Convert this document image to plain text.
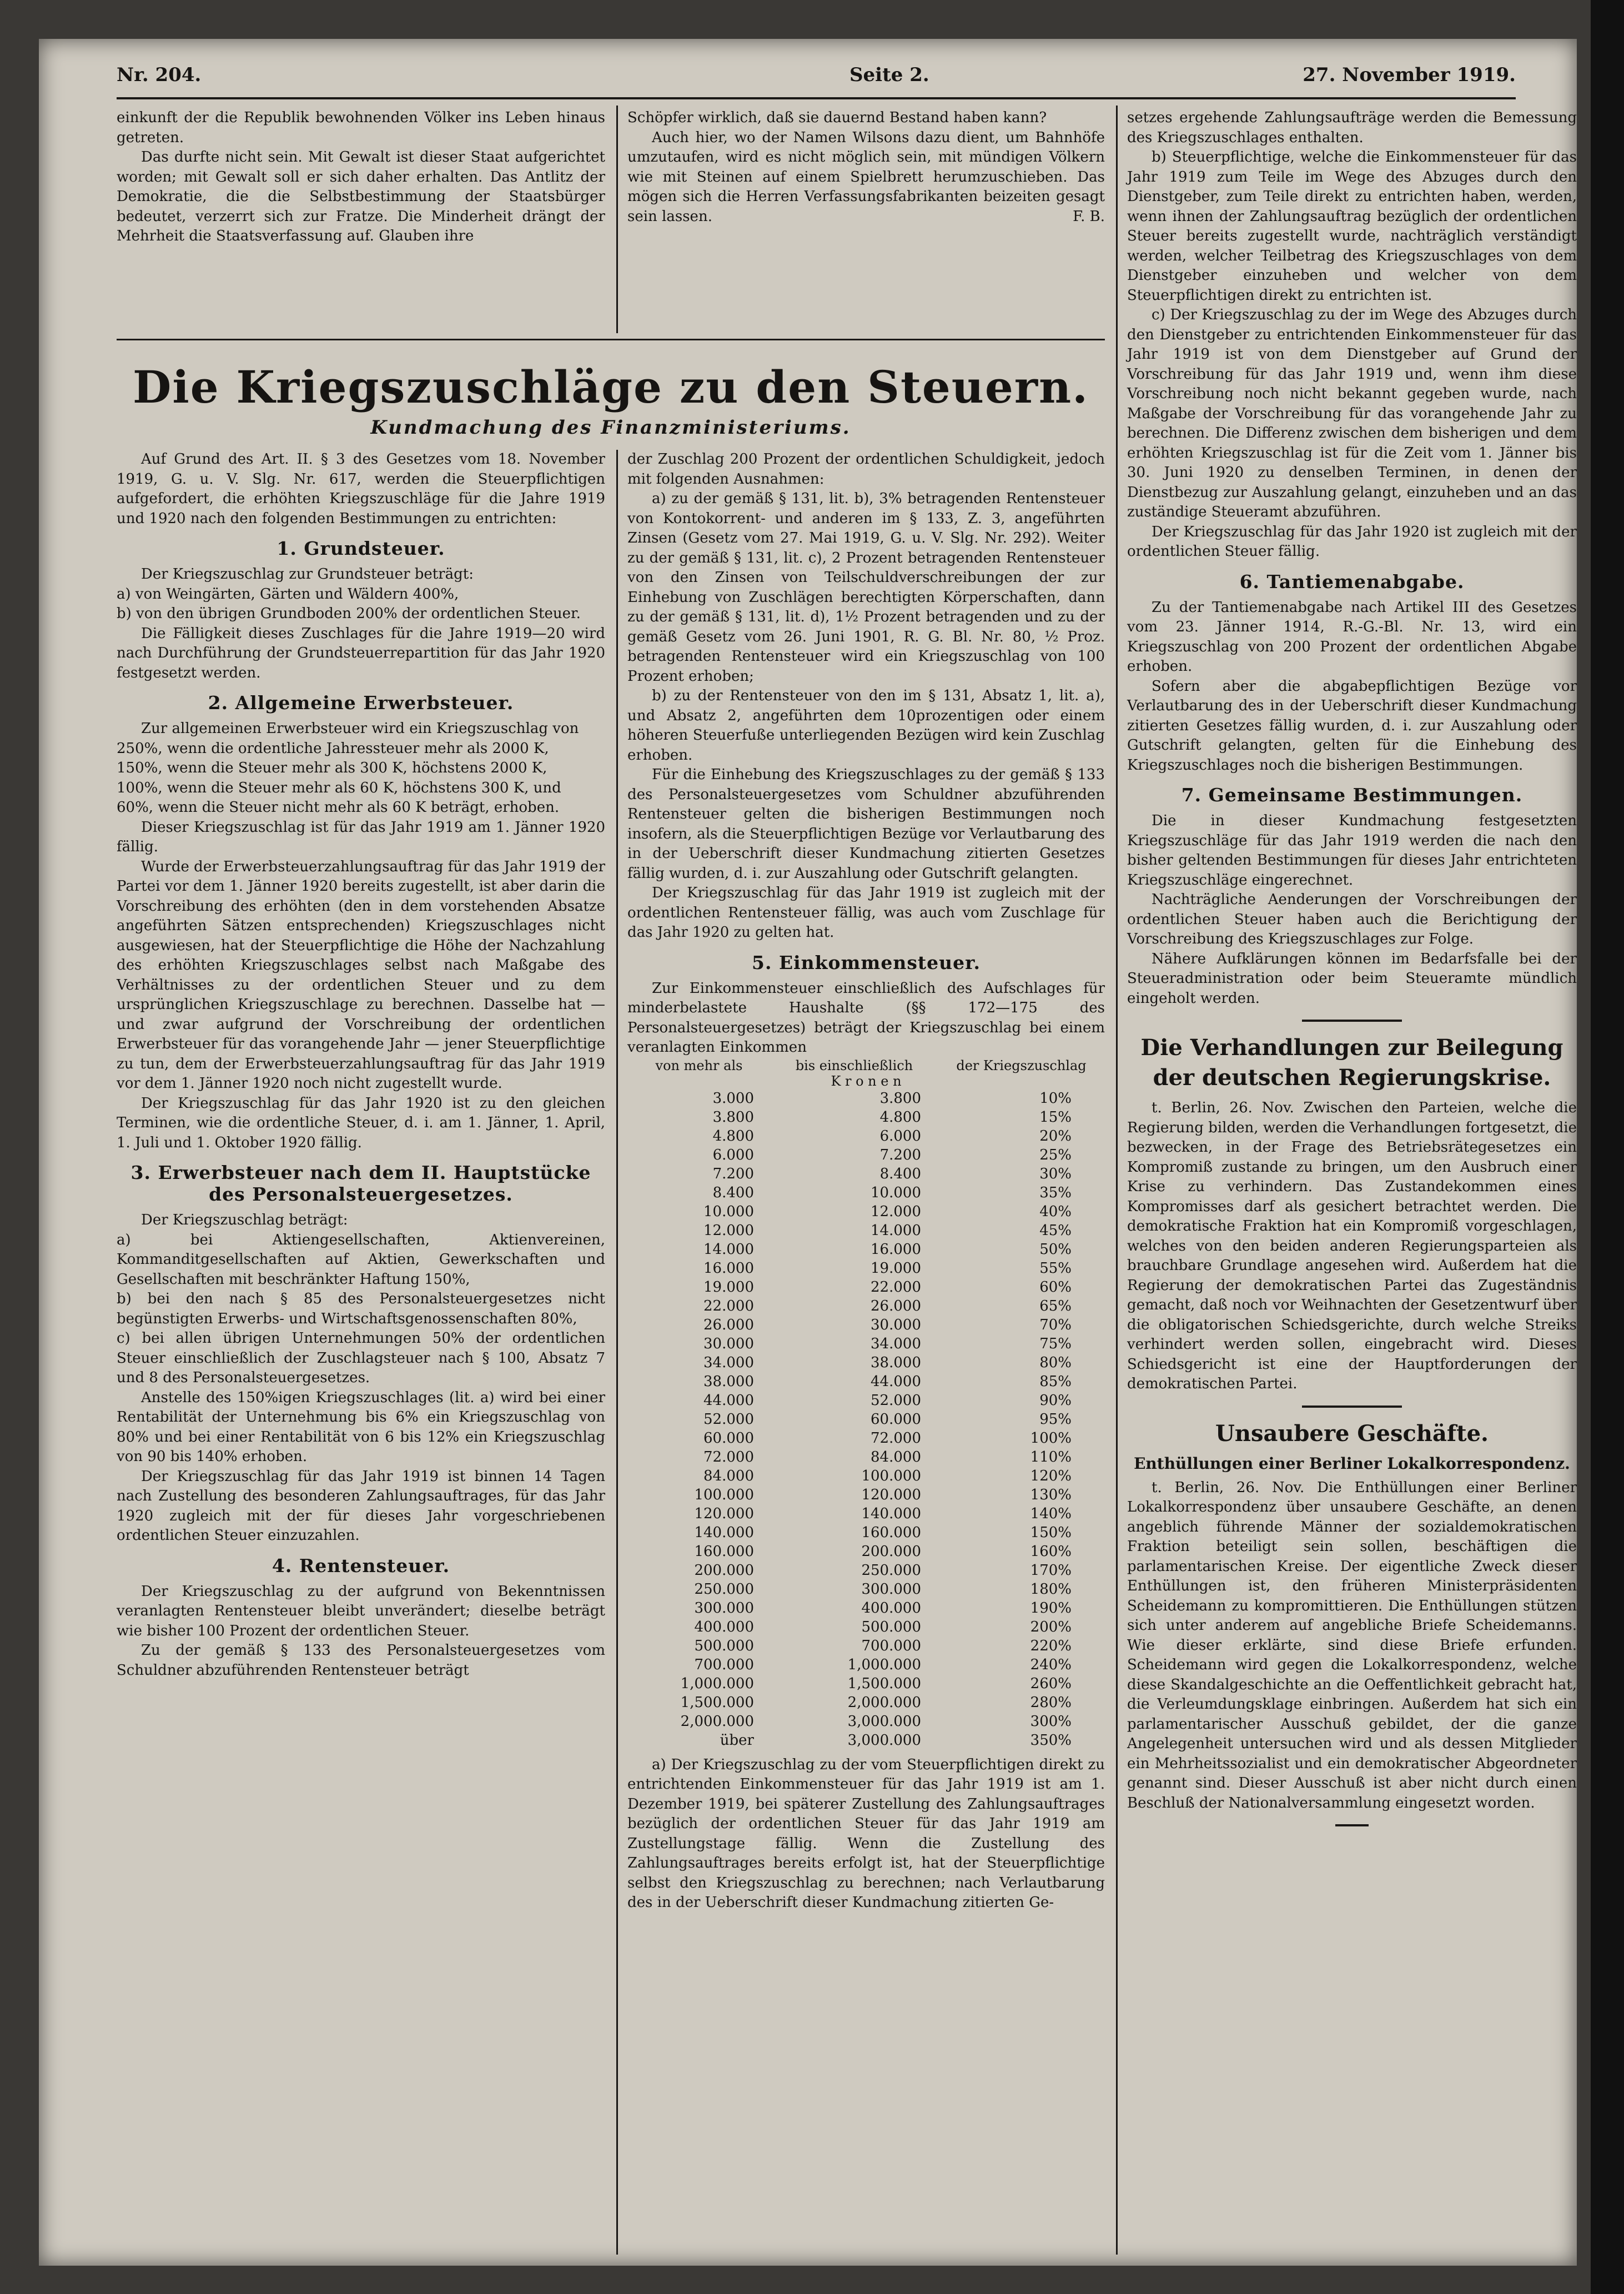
Nr. 204.	Seite 2.	27. November 1919.

einkunft der die Republik bewohnenden Völker ins Leben hinaus getreten.

Das durfte nicht sein. Mit Gewalt ist dieser Staat aufgerichtet worden; mit Gewalt soll er sich daher erhalten. Das Antlitz der Demokratie, die die Selbstbestimmung der Staatsbürger bedeutet, verzerrt sich zur Fratze. Die Minderheit drängt der Mehrheit die Staatsverfassung auf. Glauben ihre

Schöpfer wirklich, daß sie dauernd Bestand haben kann?

Auch hier, wo der Namen Wilsons dazu dient, um Bahnhöfe umzutaufen, wird es nicht möglich sein, mit mündigen Völkern wie mit Steinen auf einem Spielbrett herumzuschieben. Das mögen sich die Herren Verfassungsfabrikanten beizeiten gesagt sein lassen.	F. B.

Die Kriegszuschläge zu den Steuern.
Kundmachung des Finanzministeriums.

Auf Grund des Art. II. § 3 des Gesetzes vom 18. November 1919, G. u. V. Slg. Nr. 617, werden die Steuerpflichtigen aufgefordert, die erhöhten Kriegszuschläge für die Jahre 1919 und 1920 nach den folgenden Bestimmungen zu entrichten:

1. Grundsteuer.

Der Kriegszuschlag zur Grundsteuer beträgt:

a) von Weingärten, Gärten und Wäldern 400%,

b) von den übrigen Grundboden 200% der ordentlichen Steuer.

Die Fälligkeit dieses Zuschlages für die Jahre 1919—20 wird nach Durchführung der Grundsteuerrepartition für das Jahr 1920 festgesetzt werden.

2. Allgemeine Erwerbsteuer.

Zur allgemeinen Erwerbsteuer wird ein Kriegszuschlag von

250%, wenn die ordentliche Jahressteuer mehr als 2000 K,

150%, wenn die Steuer mehr als 300 K, höchstens 2000 K,

100%, wenn die Steuer mehr als 60 K, höchstens 300 K, und

60%, wenn die Steuer nicht mehr als 60 K beträgt, erhoben.

Dieser Kriegszuschlag ist für das Jahr 1919 am 1. Jänner 1920 fällig.

Wurde der Erwerbsteuerzahlungsauftrag für das Jahr 1919 der Partei vor dem 1. Jänner 1920 bereits zugestellt, ist aber darin die Vorschreibung des erhöhten (den in dem vorstehenden Absatze angeführten Sätzen entsprechenden) Kriegszuschlages nicht ausgewiesen, hat der Steuerpflichtige die Höhe der Nachzahlung des erhöhten Kriegszuschlages selbst nach Maßgabe des Verhältnisses zu der ordentlichen Steuer und zu dem ursprünglichen Kriegszuschlage zu berechnen. Dasselbe hat — und zwar aufgrund der Vorschreibung der ordentlichen Erwerbsteuer für das vorangehende Jahr — jener Steuerpflichtige zu tun, dem der Erwerbsteuerzahlungsauftrag für das Jahr 1919 vor dem 1. Jänner 1920 noch nicht zugestellt wurde.

Der Kriegszuschlag für das Jahr 1920 ist zu den gleichen Terminen, wie die ordentliche Steuer, d. i. am 1. Jänner, 1. April, 1. Juli und 1. Oktober 1920 fällig.

3. Erwerbsteuer nach dem II. Hauptstücke des Personalsteuergesetzes.

Der Kriegszuschlag beträgt:

a) bei Aktiengesellschaften, Aktienvereinen, Kommanditgesellschaften auf Aktien, Gewerkschaften und Gesellschaften mit beschränkter Haftung 150%,

b) bei den nach § 85 des Personalsteuergesetzes nicht begünstigten Erwerbs- und Wirtschaftsgenossenschaften 80%,

c) bei allen übrigen Unternehmungen 50% der ordentlichen Steuer einschließlich der Zuschlagsteuer nach § 100, Absatz 7 und 8 des Personalsteuergesetzes.

Anstelle des 150%igen Kriegszuschlages (lit. a) wird bei einer Rentabilität der Unternehmung bis 6% ein Kriegszuschlag von 80% und bei einer Rentabilität von 6 bis 12% ein Kriegszuschlag von 90 bis 140% erhoben.

Der Kriegszuschlag für das Jahr 1919 ist binnen 14 Tagen nach Zustellung des besonderen Zahlungsauftrages, für das Jahr 1920 zugleich mit der für dieses Jahr vorgeschriebenen ordentlichen Steuer einzuzahlen.

4. Rentensteuer.

Der Kriegszuschlag zu der aufgrund von Bekenntnissen veranlagten Rentensteuer bleibt unverändert; dieselbe beträgt wie bisher 100 Prozent der ordentlichen Steuer.

Zu der gemäß § 133 des Personalsteuergesetzes vom Schuldner abzuführenden Rentensteuer beträgt

der Zuschlag 200 Prozent der ordentlichen Schuldigkeit, jedoch mit folgenden Ausnahmen:

a) zu der gemäß § 131, lit. b), 3% betragenden Rentensteuer von Kontokorrent- und anderen im § 133, Z. 3, angeführten Zinsen (Gesetz vom 27. Mai 1919, G. u. V. Slg. Nr. 292). Weiter zu der gemäß § 131, lit. c), 2 Prozent betragenden Rentensteuer von den Zinsen von Teilschuldverschreibungen der zur Einhebung von Zuschlägen berechtigten Körperschaften, dann zu der gemäß § 131, lit. d), 1½ Prozent betragenden und zu der gemäß Gesetz vom 26. Juni 1901, R. G. Bl. Nr. 80, ½ Proz. betragenden Rentensteuer wird ein Kriegszuschlag von 100 Prozent erhoben;

b) zu der Rentensteuer von den im § 131, Absatz 1, lit. a), und Absatz 2, angeführten dem 10prozentigen oder einem höheren Steuerfuße unterliegenden Bezügen wird kein Zuschlag erhoben.

Für die Einhebung des Kriegszuschlages zu der gemäß § 133 des Personalsteuergesetzes vom Schuldner abzuführenden Rentensteuer gelten die bisherigen Bestimmungen noch insofern, als die Steuerpflichtigen Bezüge vor Verlautbarung des in der Ueberschrift dieser Kundmachung zitierten Gesetzes fällig wurden, d. i. zur Auszahlung oder Gutschrift gelangten.

Der Kriegszuschlag für das Jahr 1919 ist zugleich mit der ordentlichen Rentensteuer fällig, was auch vom Zuschlage für das Jahr 1920 zu gelten hat.

5. Einkommensteuer.

Zur Einkommensteuer einschließlich des Aufschlages für minderbelastete Haushalte (§§ 172—175 des Personalsteuergesetzes) beträgt der Kriegszuschlag bei einem veranlagten Einkommen

von mehr als	bis einschließlich	der Kriegszuschlag
K r o n e n		
3.000	3.800	10%
3.800	4.800	15%
4.800	6.000	20%
6.000	7.200	25%
7.200	8.400	30%
8.400	10.000	35%
10.000	12.000	40%
12.000	14.000	45%
14.000	16.000	50%
16.000	19.000	55%
19.000	22.000	60%
22.000	26.000	65%
26.000	30.000	70%
30.000	34.000	75%
34.000	38.000	80%
38.000	44.000	85%
44.000	52.000	90%
52.000	60.000	95%
60.000	72.000	100%
72.000	84.000	110%
84.000	100.000	120%
100.000	120.000	130%
120.000	140.000	140%
140.000	160.000	150%
160.000	200.000	160%
200.000	250.000	170%
250.000	300.000	180%
300.000	400.000	190%
400.000	500.000	200%
500.000	700.000	220%
700.000	1,000.000	240%
1,000.000	1,500.000	260%
1,500.000	2,000.000	280%
2,000.000	3,000.000	300%
über	3,000.000	350%

a) Der Kriegszuschlag zu der vom Steuerpflichtigen direkt zu entrichtenden Einkommensteuer für das Jahr 1919 ist am 1. Dezember 1919, bei späterer Zustellung des Zahlungsauftrages bezüglich der ordentlichen Steuer für das Jahr 1919 am Zustellungstage fällig. Wenn die Zustellung des Zahlungsauftrages bereits erfolgt ist, hat der Steuerpflichtige selbst den Kriegszuschlag zu berechnen; nach Verlautbarung des in der Ueberschrift dieser Kundmachung zitierten Ge-

setzes ergehende Zahlungsaufträge werden die Bemessung des Kriegszuschlages enthalten.

b) Steuerpflichtige, welche die Einkommensteuer für das Jahr 1919 zum Teile im Wege des Abzuges durch den Dienstgeber, zum Teile direkt zu entrichten haben, werden, wenn ihnen der Zahlungsauftrag bezüglich der ordentlichen Steuer bereits zugestellt wurde, nachträglich verständigt werden, welcher Teilbetrag des Kriegszuschlages von dem Dienstgeber einzuheben und welcher von dem Steuerpflichtigen direkt zu entrichten ist.

c) Der Kriegszuschlag zu der im Wege des Abzuges durch den Dienstgeber zu entrichtenden Einkommensteuer für das Jahr 1919 ist von dem Dienstgeber auf Grund der Vorschreibung für das Jahr 1919 und, wenn ihm diese Vorschreibung noch nicht bekannt gegeben wurde, nach Maßgabe der Vorschreibung für das vorangehende Jahr zu berechnen. Die Differenz zwischen dem bisherigen und dem erhöhten Kriegszuschlag ist für die Zeit vom 1. Jänner bis 30. Juni 1920 zu denselben Terminen, in denen der Dienstbezug zur Auszahlung gelangt, einzuheben und an das zuständige Steueramt abzuführen.

Der Kriegszuschlag für das Jahr 1920 ist zugleich mit der ordentlichen Steuer fällig.

6. Tantiemenabgabe.

Zu der Tantiemenabgabe nach Artikel III des Gesetzes vom 23. Jänner 1914, R.-G.-Bl. Nr. 13, wird ein Kriegszuschlag von 200 Prozent der ordentlichen Abgabe erhoben.

Sofern aber die abgabepflichtigen Bezüge vor Verlautbarung des in der Ueberschrift dieser Kundmachung zitierten Gesetzes fällig wurden, d. i. zur Auszahlung oder Gutschrift gelangten, gelten für die Einhebung des Kriegszuschlages noch die bisherigen Bestimmungen.

7. Gemeinsame Bestimmungen.

Die in dieser Kundmachung festgesetzten Kriegszuschläge für das Jahr 1919 werden die nach den bisher geltenden Bestimmungen für dieses Jahr entrichteten Kriegszuschläge eingerechnet.

Nachträgliche Aenderungen der Vorschreibungen der ordentlichen Steuer haben auch die Berichtigung der Vorschreibung des Kriegszuschlages zur Folge.

Nähere Aufklärungen können im Bedarfsfalle bei der Steueradministration oder beim Steueramte mündlich eingeholt werden.

Die Verhandlungen zur Beilegung der deutschen Regierungskrise.

t. Berlin, 26. Nov. Zwischen den Parteien, welche die Regierung bilden, werden die Verhandlungen fortgesetzt, die bezwecken, in der Frage des Betriebsrätegesetzes ein Kompromiß zustande zu bringen, um den Ausbruch einer Krise zu verhindern. Das Zustandekommen eines Kompromisses darf als gesichert betrachtet werden. Die demokratische Fraktion hat ein Kompromiß vorgeschlagen, welches von den beiden anderen Regierungsparteien als brauchbare Grundlage angesehen wird. Außerdem hat die Regierung der demokratischen Partei das Zugeständnis gemacht, daß noch vor Weihnachten der Gesetzentwurf über die obligatorischen Schiedsgerichte, durch welche Streiks verhindert werden sollen, eingebracht wird. Dieses Schiedsgericht ist eine der Hauptforderungen der demokratischen Partei.

Unsaubere Geschäfte.
Enthüllungen einer Berliner Lokalkorrespondenz.

t. Berlin, 26. Nov. Die Enthüllungen einer Berliner Lokalkorrespondenz über unsaubere Geschäfte, an denen angeblich führende Männer der sozialdemokratischen Fraktion beteiligt sein sollen, beschäftigen die parlamentarischen Kreise. Der eigentliche Zweck dieser Enthüllungen ist, den früheren Ministerpräsidenten Scheidemann zu kompromittieren. Die Enthüllungen stützen sich unter anderem auf angebliche Briefe Scheidemanns. Wie dieser erklärte, sind diese Briefe erfunden. Scheidemann wird gegen die Lokalkorrespondenz, welche diese Skandalgeschichte an die Oeffentlichkeit gebracht hat, die Verleumdungsklage einbringen. Außerdem hat sich ein parlamentarischer Ausschuß gebildet, der die ganze Angelegenheit untersuchen wird und als dessen Mitglieder ein Mehrheitssozialist und ein demokratischer Abgeordneter genannt sind. Dieser Ausschuß ist aber nicht durch einen Beschluß der Nationalversammlung eingesetzt worden.
